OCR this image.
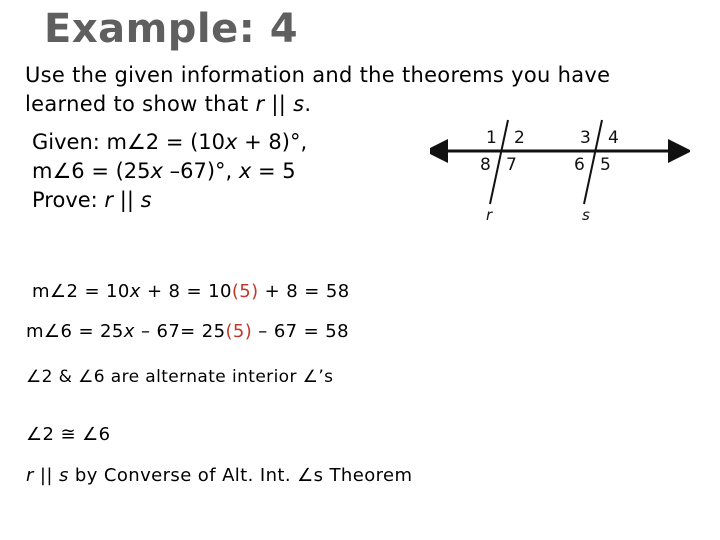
Example: 4
Use the given information and the theorems you have
learned to show that r || s.
Given: m∠2 = (10x + 8)°,
m∠6 = (25x –67)°, x = 5
Prove: r || s
1 2
8 7
3 4
6 5
r	s
m∠2 = 10x + 8 = 10(5) + 8 = 58
m∠6 = 25x – 67= 25(5) – 67 = 58
∠2 & ∠6 are alternate interior ∠’s
∠2 ≅ ∠6
r || s by Converse of Alt. Int. ∠s Theorem
